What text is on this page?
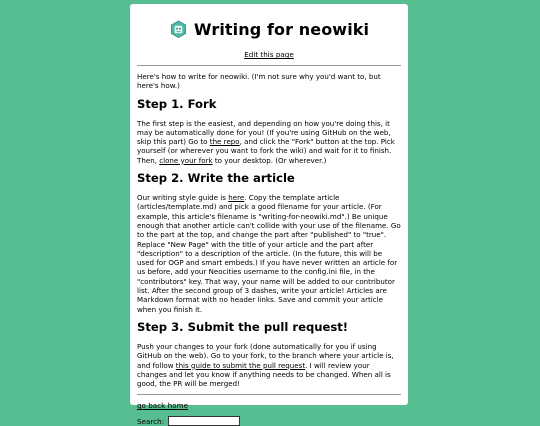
Writing for neowiki
Edit this page

Here's how to write for neowiki. (I'm not sure why you'd want to, but here's how.)

Step 1. Fork

The first step is the easiest, and depending on how you're doing this, it may be automatically done for you! (If you're using GitHub on the web, skip this part) Go to the repo, and click the "Fork" button at the top. Pick yourself (or wherever you want to fork the wiki) and wait for it to finish. Then, clone your fork to your desktop. (Or wherever.)

Step 2. Write the article

Our writing style guide is here. Copy the template article (articles/template.md) and pick a good filename for your article. (For example, this article's filename is "writing-for-neowiki.md".) Be unique enough that another article can't collide with your use of the filename. Go to the part at the top, and change the part after "published" to "true". Replace "New Page" with the title of your article and the part after "description" to a description of the article. (In the future, this will be used for OGP and smart embeds.) If you have never written an article for us before, add your Neocities username to the config.ini file, in the "contributors" key. That way, your name will be added to our contributor list. After the second group of 3 dashes, write your article! Articles are Markdown format with no header links. Save and commit your article when you finish it.

Step 3. Submit the pull request!

Push your changes to your fork (done automatically for you if using GitHub on the web). Go to your fork, to the branch where your article is, and follow this guide to submit the pull request. I will review your changes and let you know if anything needs to be changed. When all is good, the PR will be merged!

go back home
Search:
